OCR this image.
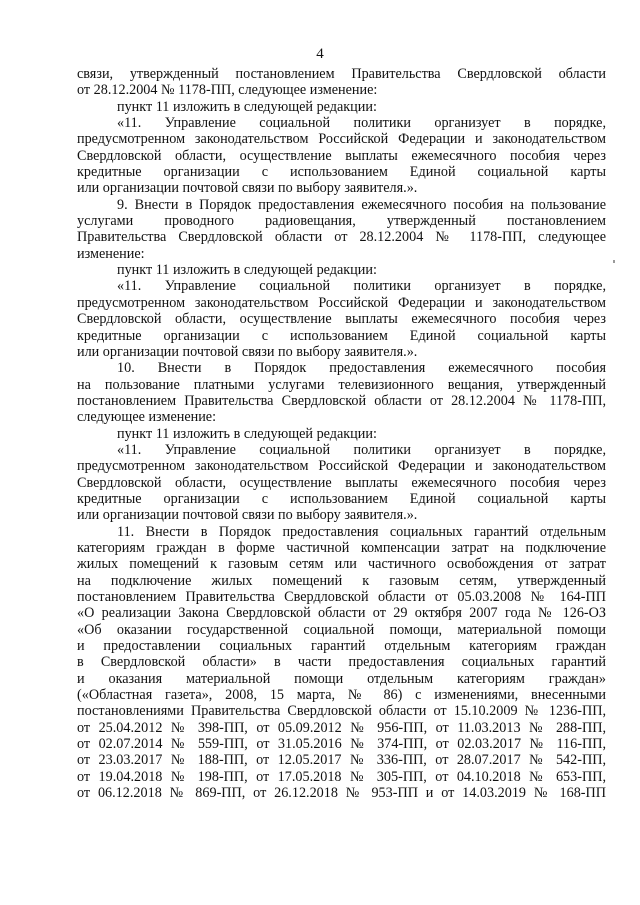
4
связи, утвержденный постановлением Правительства Свердловской области
от 28.12.2004 № 1178-ПП, следующее изменение:
пункт 11 изложить в следующей редакции:
«11. Управление социальной политики организует в порядке,
предусмотренном законодательством Российской Федерации и законодательством
Свердловской области, осуществление выплаты ежемесячного пособия через
кредитные организации с использованием Единой социальной карты
или организации почтовой связи по выбору заявителя.».
9. Внести в Порядок предоставления ежемесячного пособия на пользование
услугами проводного радиовещания, утвержденный постановлением
Правительства Свердловской области от 28.12.2004 № 1178-ПП, следующее
изменение:
пункт 11 изложить в следующей редакции:
«11. Управление социальной политики организует в порядке,
предусмотренном законодательством Российской Федерации и законодательством
Свердловской области, осуществление выплаты ежемесячного пособия через
кредитные организации с использованием Единой социальной карты
или организации почтовой связи по выбору заявителя.».
10. Внести в Порядок предоставления ежемесячного пособия
на пользование платными услугами телевизионного вещания, утвержденный
постановлением Правительства Свердловской области от 28.12.2004 № 1178-ПП,
следующее изменение:
пункт 11 изложить в следующей редакции:
«11. Управление социальной политики организует в порядке,
предусмотренном законодательством Российской Федерации и законодательством
Свердловской области, осуществление выплаты ежемесячного пособия через
кредитные организации с использованием Единой социальной карты
или организации почтовой связи по выбору заявителя.».
11. Внести в Порядок предоставления социальных гарантий отдельным
категориям граждан в форме частичной компенсации затрат на подключение
жилых помещений к газовым сетям или частичного освобождения от затрат
на подключение жилых помещений к газовым сетям, утвержденный
постановлением Правительства Свердловской области от 05.03.2008 № 164-ПП
«О реализации Закона Свердловской области от 29 октября 2007 года № 126-ОЗ
«Об оказании государственной социальной помощи, материальной помощи
и предоставлении социальных гарантий отдельным категориям граждан
в Свердловской области» в части предоставления социальных гарантий
и оказания материальной помощи отдельным категориям граждан»
(«Областная газета», 2008, 15 марта, № 86) с изменениями, внесенными
постановлениями Правительства Свердловской области от 15.10.2009 № 1236-ПП,
от 25.04.2012 № 398-ПП, от 05.09.2012 № 956-ПП, от 11.03.2013 № 288-ПП,
от 02.07.2014 № 559-ПП, от 31.05.2016 № 374-ПП, от 02.03.2017 № 116-ПП,
от 23.03.2017 № 188-ПП, от 12.05.2017 № 336-ПП, от 28.07.2017 № 542-ПП,
от 19.04.2018 № 198-ПП, от 17.05.2018 № 305-ПП, от 04.10.2018 № 653-ПП,
от 06.12.2018 № 869-ПП, от 26.12.2018 № 953-ПП и от 14.03.2019 № 168-ПП
